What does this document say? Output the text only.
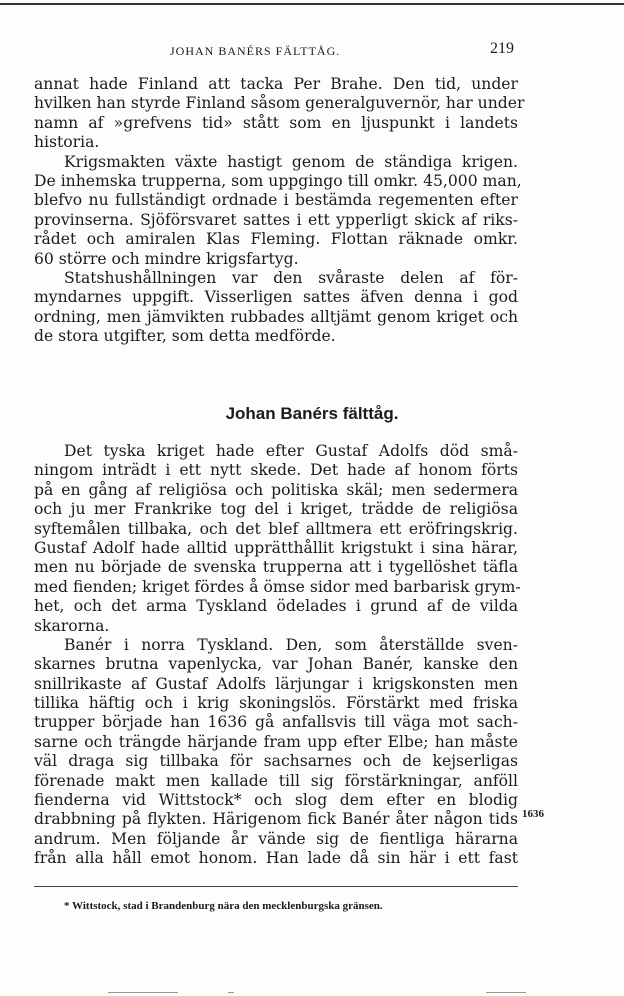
JOHAN BANÉRS FÄLTTÅG.	219
annat hade Finland att tacka Per Brahe. Den tid, under
hvilken han styrde Finland såsom generalguvernör, har under
namn af »grefvens tid» stått som en ljuspunkt i landets
historia.
Krigsmakten växte hastigt genom de ständiga krigen.
De inhemska trupperna, som uppgingo till omkr. 45,000 man,
blefvo nu fullständigt ordnade i bestämda regementen efter
provinserna. Sjöförsvaret sattes i ett ypperligt skick af riks-
rådet och amiralen Klas Fleming. Flottan räknade omkr.
60 större och mindre krigsfartyg.
Statshushållningen var den svåraste delen af för-
myndarnes uppgift. Visserligen sattes äfven denna i god
ordning, men jämvikten rubbades alltjämt genom kriget och
de stora utgifter, som detta medförde.
Johan Banérs fälttåg.
Det tyska kriget hade efter Gustaf Adolfs död små-
ningom inträdt i ett nytt skede. Det hade af honom förts
på en gång af religiösa och politiska skäl; men sedermera
och ju mer Frankrike tog del i kriget, trädde de religiösa
syftemålen tillbaka, och det blef alltmera ett eröfringskrig.
Gustaf Adolf hade alltid upprätthållit krigstukt i sina härar,
men nu började de svenska trupperna att i tygellöshet täfla
med fienden; kriget fördes å ömse sidor med barbarisk grym-
het, och det arma Tyskland ödelades i grund af de vilda
skarorna.
Banér i norra Tyskland. Den, som återställde sven-
skarnes brutna vapenlycka, var Johan Banér, kanske den
snillrikaste af Gustaf Adolfs lärjungar i krigskonsten men
tillika häftig och i krig skoningslös. Förstärkt med friska
trupper började han 1636 gå anfallsvis till väga mot sach-
sarne och trängde härjande fram upp efter Elbe; han måste
väl draga sig tillbaka för sachsarnes och de kejserligas
förenade makt men kallade till sig förstärkningar, anföll
fienderna vid Wittstock* och slog dem efter en blodig
drabbning på flykten. Härigenom fick Banér åter någon tids
andrum. Men följande år vände sig de fientliga härarna
från alla håll emot honom. Han lade då sin här i ett fast
1636
* Wittstock, stad i Brandenburg nära den mecklenburgska gränsen.
